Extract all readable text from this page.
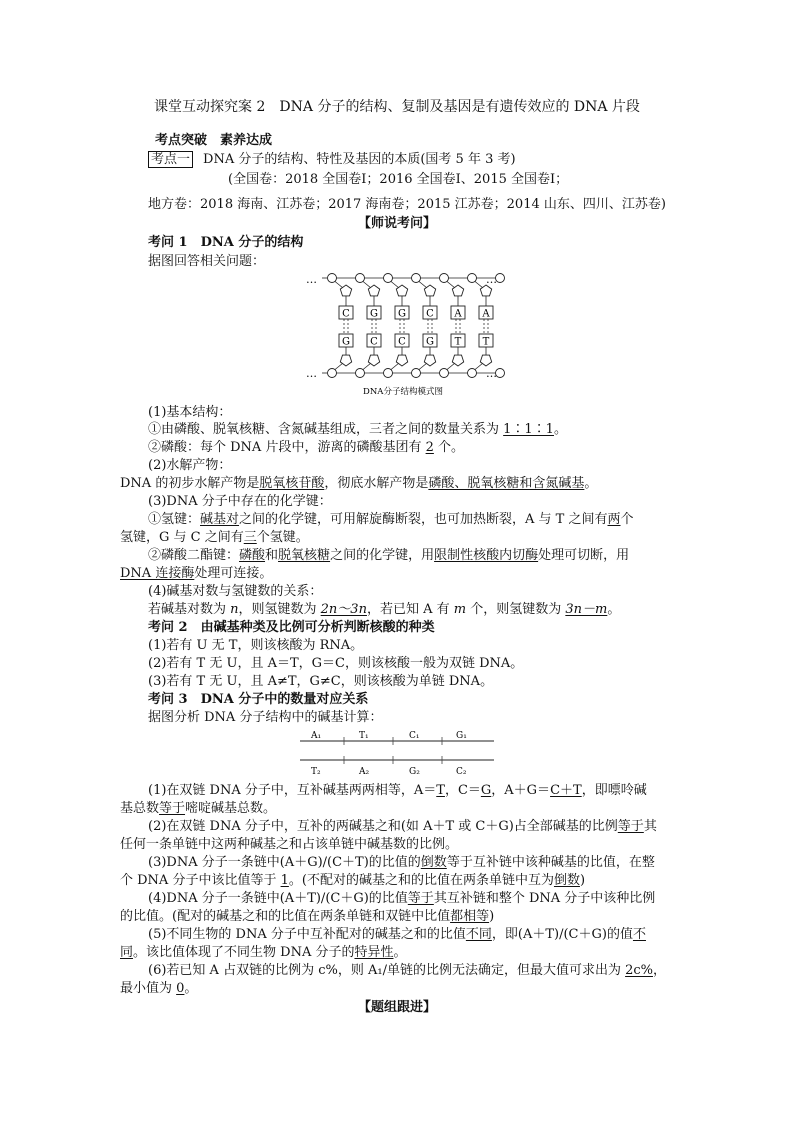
课堂互动探究案 2　DNA 分子的结构、复制及基因是有遗传效应的 DNA 片段
考点突破　素养达成
考点一 DNA 分子的结构、特性及基因的本质(国考 5 年 3 考)
(全国卷：2018 全国卷Ⅰ；2016 全国卷Ⅰ、2015 全国卷Ⅰ；
地方卷：2018 海南、江苏卷；2017 海南卷；2015 江苏卷；2014 山东、四川、江苏卷)
【师说考问】
考问 1　DNA 分子的结构
据图回答相关问题：
C
G
G
C
G
C
C
G
A
T
A
T
…	…
…	…
DNA分子结构模式图
(1)基本结构：
①由磷酸、脱氧核糖、含氮碱基组成，三者之间的数量关系为 1∶1∶1。
②磷酸：每个 DNA 片段中，游离的磷酸基团有 2 个。
(2)水解产物：
DNA 的初步水解产物是脱氧核苷酸，彻底水解产物是磷酸、脱氧核糖和含氮碱基。
(3)DNA 分子中存在的化学键：
①氢键：碱基对之间的化学键，可用解旋酶断裂，也可加热断裂，A 与 T 之间有两个
氢键，G 与 C 之间有三个氢键。
②磷酸二酯键：磷酸和脱氧核糖之间的化学键，用限制性核酸内切酶处理可切断，用
DNA 连接酶处理可连接。
(4)碱基对数与氢键数的关系：
若碱基对数为 n，则氢键数为 2n～3n，若已知 A 有 m 个，则氢键数为 3n－m。
考问 2　由碱基种类及比例可分析判断核酸的种类
(1)若有 U 无 T，则该核酸为 RNA。
(2)若有 T 无 U，且 A＝T，G＝C，则该核酸一般为双链 DNA。
(3)若有 T 无 U，且 A≠T，G≠C，则该核酸为单链 DNA。
考问 3　DNA 分子中的数量对应关系
据图分析 DNA 分子结构中的碱基计算：
A₁	T₁	C₁	G₁
T₂	A₂	G₂	C₂
(1)在双链 DNA 分子中，互补碱基两两相等，A＝T，C＝G，A＋G＝C＋T，即嘌呤碱
基总数等于嘧啶碱基总数。
(2)在双链 DNA 分子中，互补的两碱基之和(如 A＋T 或 C＋G)占全部碱基的比例等于其
任何一条单链中这两种碱基之和占该单链中碱基数的比例。
(3)DNA 分子一条链中(A＋G)/(C＋T)的比值的倒数等于互补链中该种碱基的比值，在整
个 DNA 分子中该比值等于 1。(不配对的碱基之和的比值在两条单链中互为倒数)
(4)DNA 分子一条链中(A＋T)/(C＋G)的比值等于其互补链和整个 DNA 分子中该种比例
的比值。(配对的碱基之和的比值在两条单链和双链中比值都相等)
(5)不同生物的 DNA 分子中互补配对的碱基之和的比值不同，即(A＋T)/(C＋G)的值不
同。该比值体现了不同生物 DNA 分子的特异性。
(6)若已知 A 占双链的比例为 c%，则 A₁/单链的比例无法确定，但最大值可求出为 2c%，
最小值为 0。
【题组跟进】
